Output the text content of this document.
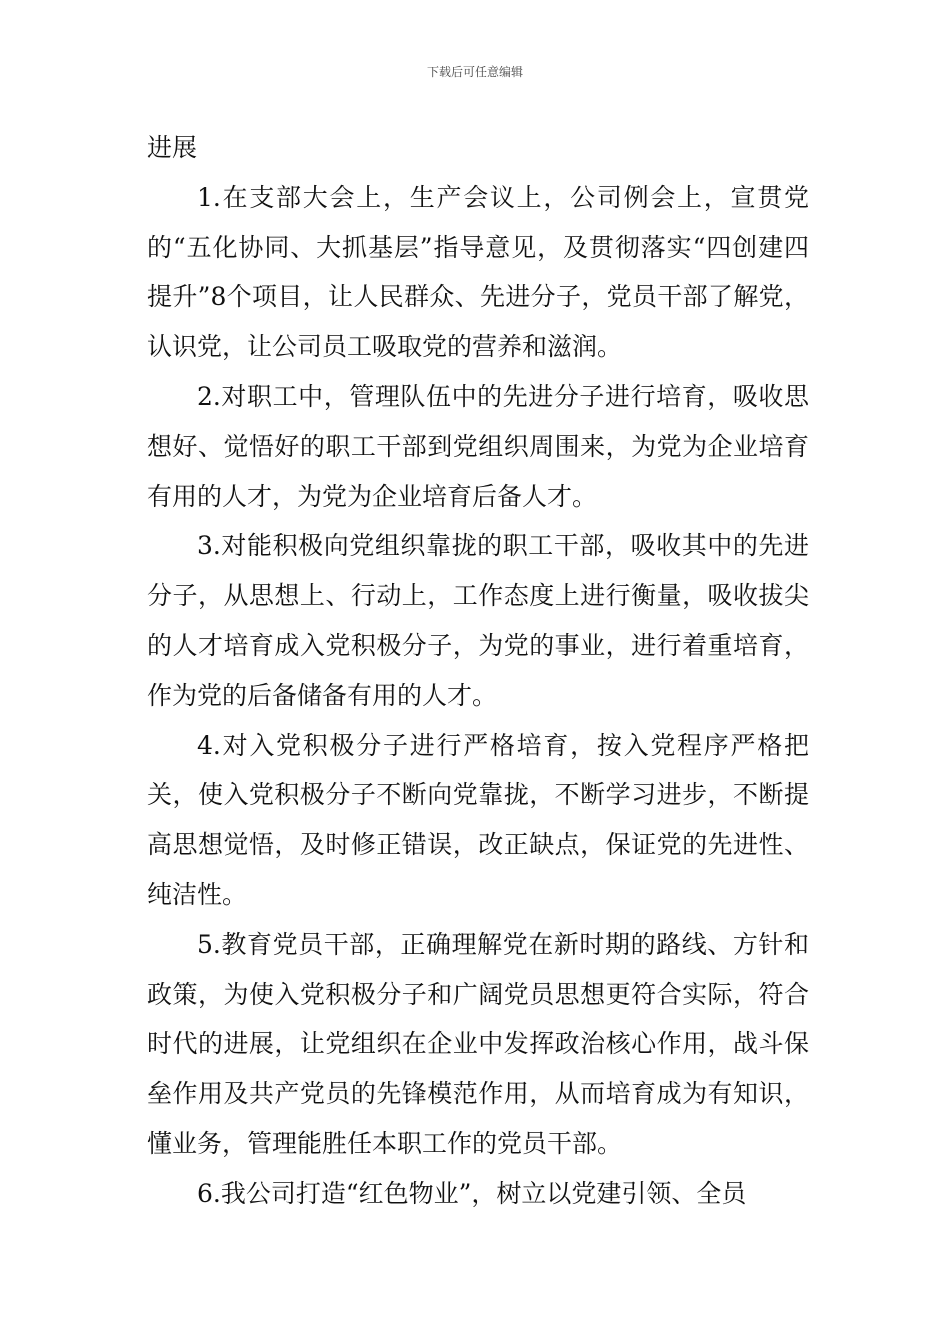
下载后可任意编辑

进展

1.在支部大会上，生产会议上，公司例会上，宣贯党的“五化协同、大抓基层”指导意见，及贯彻落实“四创建四提升”8个项目，让人民群众、先进分子，党员干部了解党，认识党，让公司员工吸取党的营养和滋润。

2.对职工中，管理队伍中的先进分子进行培育，吸收思想好、觉悟好的职工干部到党组织周围来，为党为企业培育有用的人才，为党为企业培育后备人才。

3.对能积极向党组织靠拢的职工干部，吸收其中的先进分子，从思想上、行动上，工作态度上进行衡量，吸收拔尖的人才培育成入党积极分子，为党的事业，进行着重培育，作为党的后备储备有用的人才。

4.对入党积极分子进行严格培育，按入党程序严格把关，使入党积极分子不断向党靠拢，不断学习进步，不断提高思想觉悟，及时修正错误，改正缺点，保证党的先进性、纯洁性。

5.教育党员干部，正确理解党在新时期的路线、方针和政策，为使入党积极分子和广阔党员思想更符合实际，符合时代的进展，让党组织在企业中发挥政治核心作用，战斗保垒作用及共产党员的先锋模范作用，从而培育成为有知识，懂业务，管理能胜任本职工作的党员干部。

6.我公司打造“红色物业”，树立以党建引领、全员
